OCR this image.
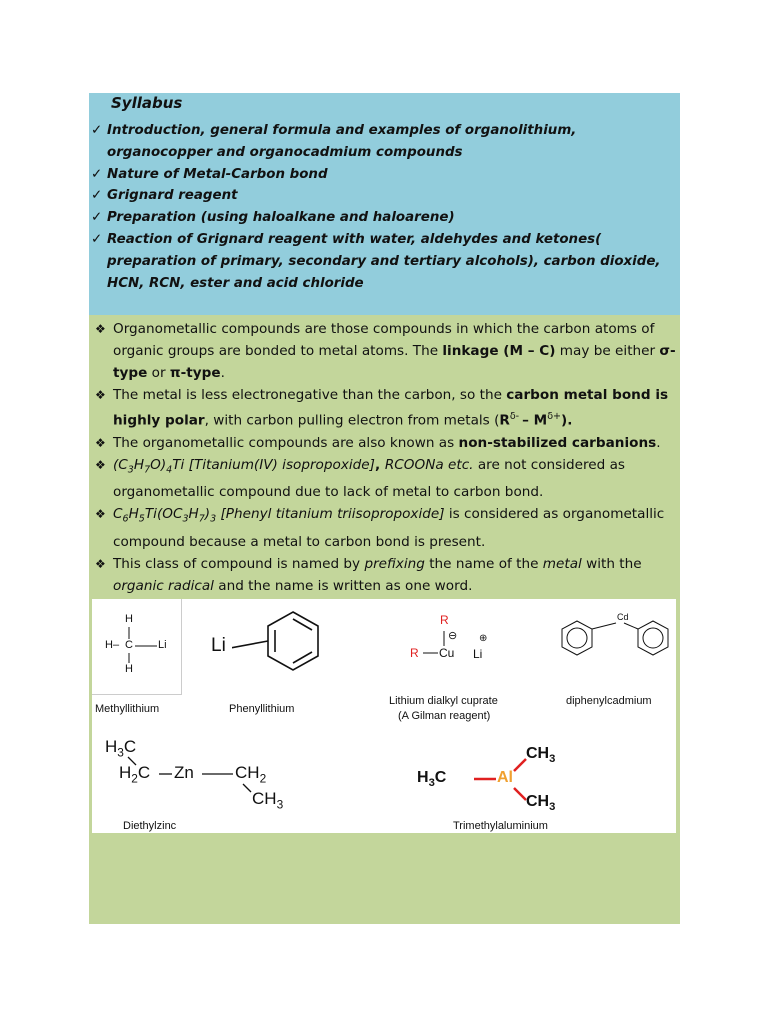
Syllabus
✓ Introduction, general formula and examples of organolithium, organocopper and organocadmium compounds
✓ Nature of Metal-Carbon bond
✓ Grignard reagent
✓ Preparation (using haloalkane and haloarene)
✓ Reaction of Grignard reagent with water, aldehydes and ketones( preparation of primary, secondary and tertiary alcohols), carbon dioxide, HCN, RCN, ester and acid chloride
❖ Organometallic compounds are those compounds in which the carbon atoms of organic groups are bonded to metal atoms. The linkage (M – C) may be either σ-type or π-type.
❖ The metal is less electronegative than the carbon, so the carbon metal bond is highly polar, with carbon pulling electron from metals $(R^{\delta-} - M^{\delta+})$.
❖ The organometallic compounds are also known as non-stabilized carbanions.
❖ $(C_3H_7O)_4Ti$ [Titanium(IV) isopropoxide], RCOONa etc. are not considered as organometallic compound due to lack of metal to carbon bond.
❖ $C_6H_5Ti(OC_3H_7)_3$ [Phenyl titanium triisopropoxide] is considered as organometallic compound because a metal to carbon bond is present.
❖ This class of compound is named by prefixing the name of the metal with the organic radical and the name is written as one word.
H
H– C Li
H
Methyllithium
Li
Phenyllithium
R
R Cu
⊖
Li
⊕
Lithium dialkyl cuprate
(A Gilman reagent)
Cd
diphenylcadmium
$H_3C$
$H_2C$ Zn $CH_2$
$CH_3$
Diethylzinc
$H_3C$	Al
$CH_3$
$CH_3$
Trimethylaluminium
